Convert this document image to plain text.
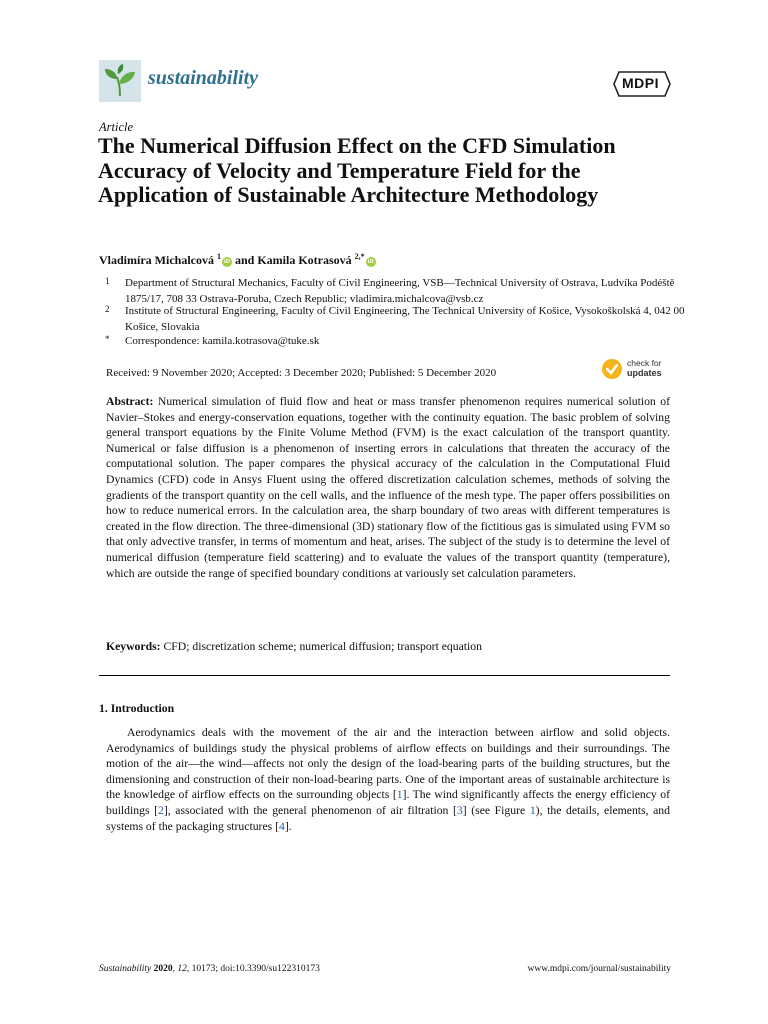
sustainability	MDPI
Article
The Numerical Diffusion Effect on the CFD Simulation Accuracy of Velocity and Temperature Field for the Application of Sustainable Architecture Methodology
Vladimíra Michalcová $^1$iD and Kamila Kotrasová $^{2,*}$iD
1 Department of Structural Mechanics, Faculty of Civil Engineering, VSB—Technical University of Ostrava, Ludvíka Podéště 1875/17, 708 33 Ostrava-Poruba, Czech Republic; vladimira.michalcova@vsb.cz
2 Institute of Structural Engineering, Faculty of Civil Engineering, The Technical University of Košice, Vysokoškolská 4, 042 00 Košice, Slovakia
* Correspondence: kamila.kotrasova@tuke.sk
Received: 9 November 2020; Accepted: 3 December 2020; Published: 5 December 2020
check for
updates
Abstract: Numerical simulation of fluid flow and heat or mass transfer phenomenon requires numerical solution of Navier–Stokes and energy-conservation equations, together with the continuity equation. The basic problem of solving general transport equations by the Finite Volume Method (FVM) is the exact calculation of the transport quantity. Numerical or false diffusion is a phenomenon of inserting errors in calculations that threaten the accuracy of the computational solution. The paper compares the physical accuracy of the calculation in the Computational Fluid Dynamics (CFD) code in Ansys Fluent using the offered discretization calculation schemes, methods of solving the gradients of the transport quantity on the cell walls, and the influence of the mesh type. The paper offers possibilities on how to reduce numerical errors. In the calculation area, the sharp boundary of two areas with different temperatures is created in the flow direction. The three-dimensional (3D) stationary flow of the fictitious gas is simulated using FVM so that only advective transfer, in terms of momentum and heat, arises. The subject of the study is to determine the level of numerical diffusion (temperature field scattering) and to evaluate the values of the transport quantity (temperature), which are outside the range of specified boundary conditions at variously set calculation parameters.
Keywords: CFD; discretization scheme; numerical diffusion; transport equation
1. Introduction
Aerodynamics deals with the movement of the air and the interaction between airflow and solid objects. Aerodynamics of buildings study the physical problems of airflow effects on buildings and their surroundings. The motion of the air—the wind—affects not only the design of the load-bearing parts of the building structures, but the dimensioning and construction of their non-load-bearing parts. One of the important areas of sustainable architecture is the knowledge of airflow effects on the surrounding objects [1]. The wind significantly affects the energy efficiency of buildings [2], associated with the general phenomenon of air filtration [3] (see Figure 1), the details, elements, and systems of the packaging structures [4].
Sustainability 2020, 12, 10173; doi:10.3390/su122310173	www.mdpi.com/journal/sustainability
